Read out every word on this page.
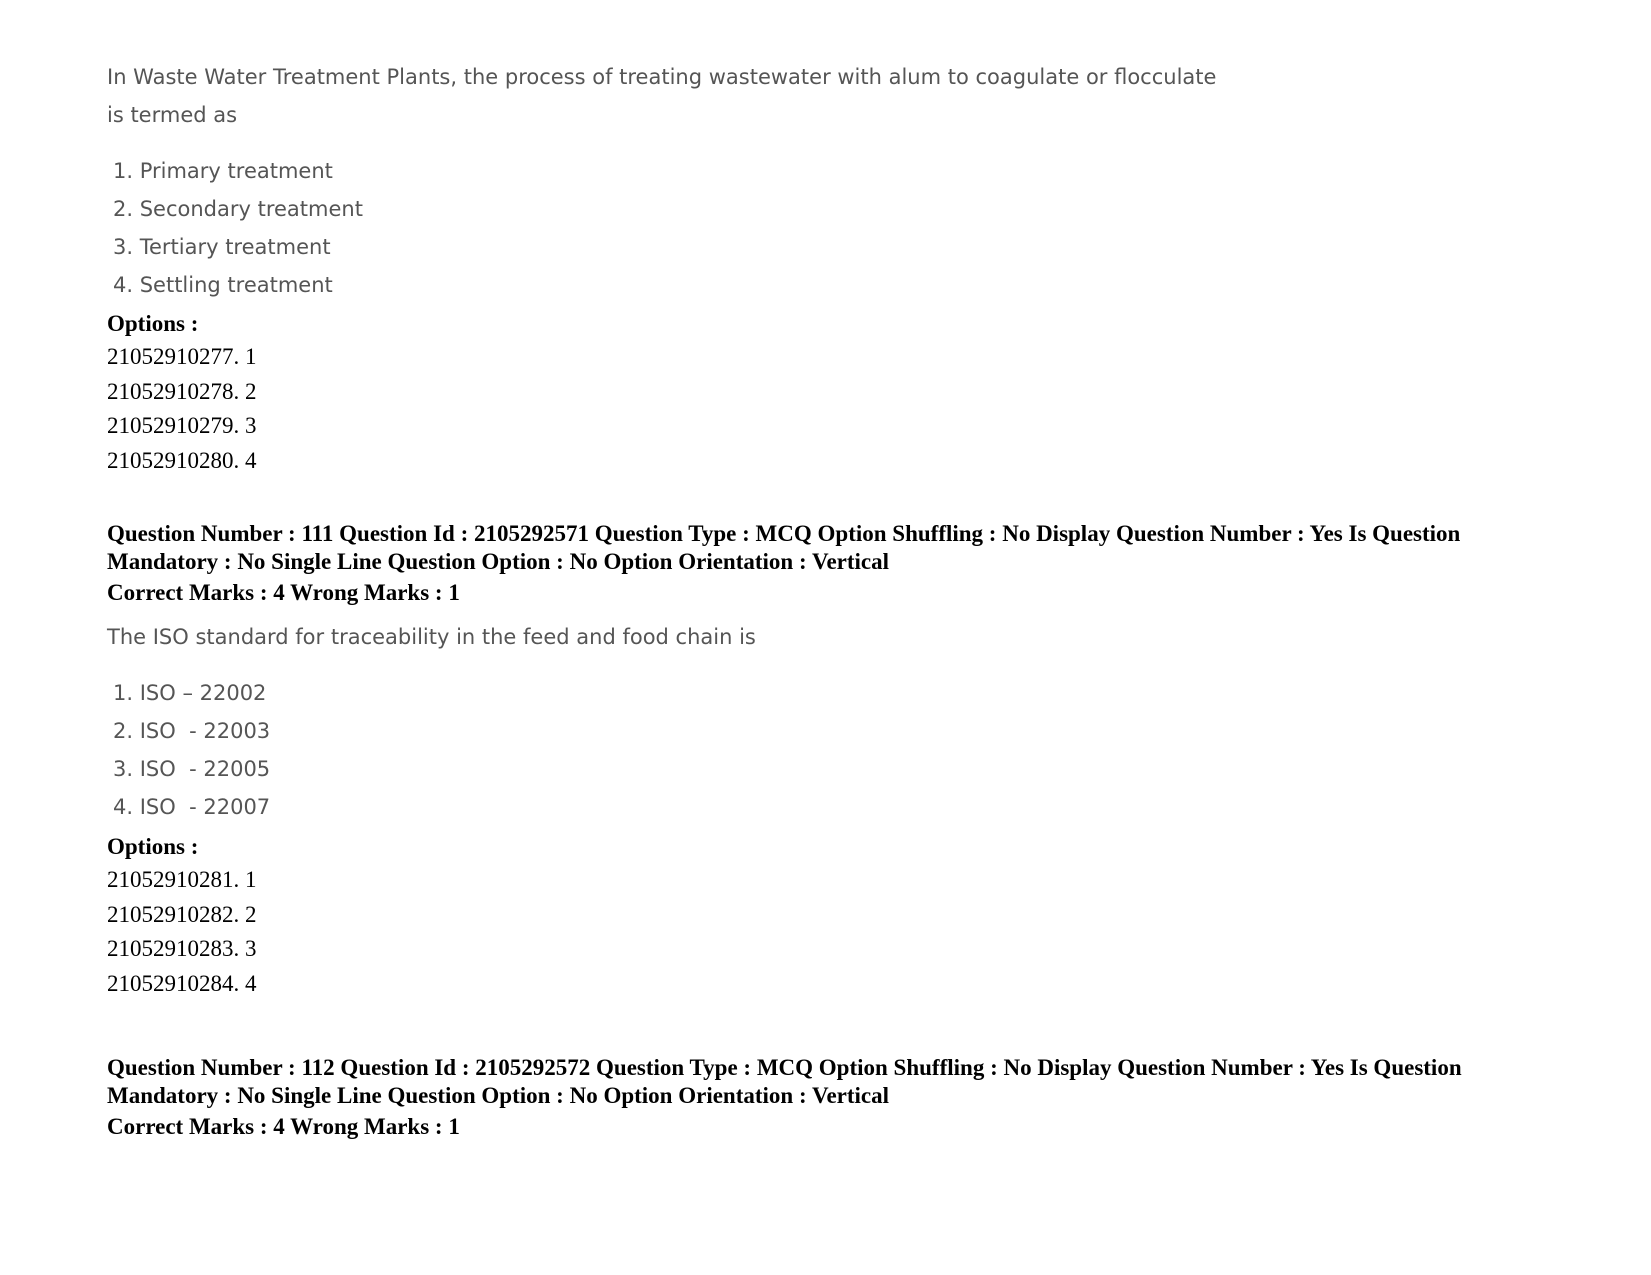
In Waste Water Treatment Plants, the process of treating wastewater with alum to coagulate or flocculate is termed as

1. Primary treatment
2. Secondary treatment
3. Tertiary treatment
4. Settling treatment
Options :
21052910277. 1
21052910278. 2
21052910279. 3
21052910280. 4

Question Number : 111 Question Id : 2105292571 Question Type : MCQ Option Shuffling : No Display Question Number : Yes Is Question Mandatory : No Single Line Question Option : No Option Orientation : Vertical

Correct Marks : 4 Wrong Marks : 1

The ISO standard for traceability in the feed and food chain is

1. ISO – 22002
2. ISO  - 22003
3. ISO  - 22005
4. ISO  - 22007
Options :
21052910281. 1
21052910282. 2
21052910283. 3
21052910284. 4

Question Number : 112 Question Id : 2105292572 Question Type : MCQ Option Shuffling : No Display Question Number : Yes Is Question Mandatory : No Single Line Question Option : No Option Orientation : Vertical

Correct Marks : 4 Wrong Marks : 1
